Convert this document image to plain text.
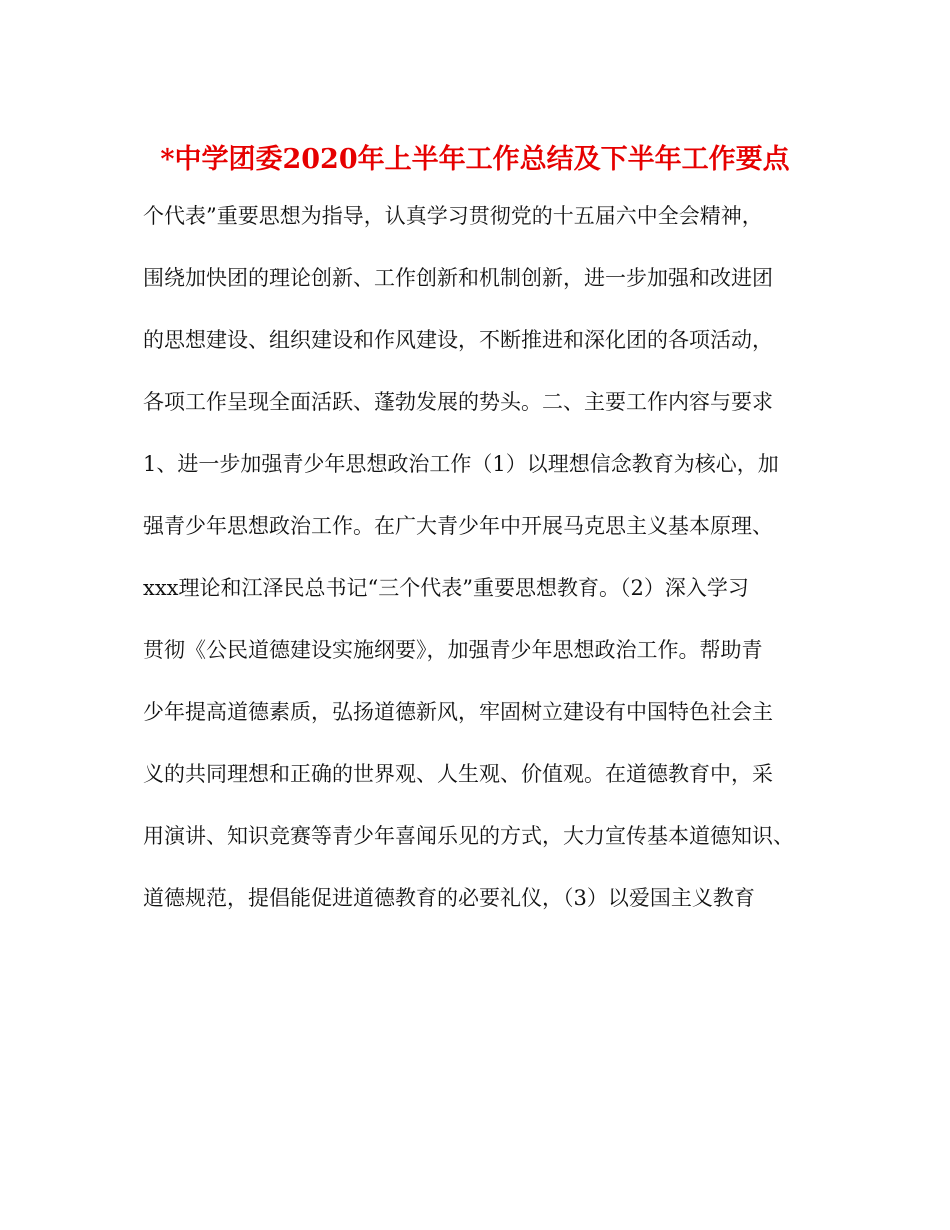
*中学团委2020年上半年工作总结及下半年工作要点
个代表”重要思想为指导，认真学习贯彻党的十五届六中全会精神，
围绕加快团的理论创新、工作创新和机制创新，进一步加强和改进团
的思想建设、组织建设和作风建设，不断推进和深化团的各项活动，
各项工作呈现全面活跃、蓬勃发展的势头。二、主要工作内容与要求
1、进一步加强青少年思想政治工作（1）以理想信念教育为核心，加
强青少年思想政治工作。在广大青少年中开展马克思主义基本原理、
xxx理论和江泽民总书记“三个代表”重要思想教育。（2）深入学习
贯彻《公民道德建设实施纲要》，加强青少年思想政治工作。帮助青
少年提高道德素质，弘扬道德新风，牢固树立建设有中国特色社会主
义的共同理想和正确的世界观、人生观、价值观。在道德教育中，采
用演讲、知识竞赛等青少年喜闻乐见的方式，大力宣传基本道德知识、
道德规范，提倡能促进道德教育的必要礼仪，（3）以爱国主义教育
